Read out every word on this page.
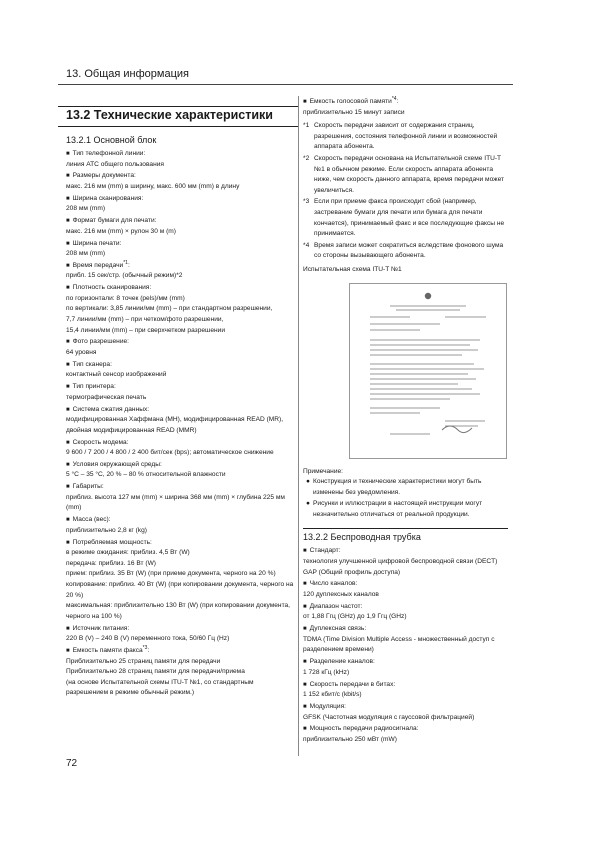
13. Общая информация
13.2 Технические характеристики
13.2.1 Основной блок
■ Тип телефонной линии:
линия АТС общего пользования
■ Размеры документа:
макс. 216 мм (mm) в ширину, макс. 600 мм (mm) в длину
■ Ширина сканирования:
208 мм (mm)
■ Формат бумаги для печати:
макс. 216 мм (mm) × рулон 30 м (m)
■ Ширина печати:
208 мм (mm)
■ Время передачи$^{*1}$:
прибл. 15 сек/стр. (обычный режим)*2
■ Плотность сканирования:
по горизонтали: 8 точек (pels)/мм (mm)
по вертикали: 3,85 линии/мм (mm) – при стандартном разрешении,
7,7 линии/мм (mm) – при четком/фото разрешении,
15,4 линии/мм (mm) – при сверхчетком разрешении
■ Фото разрешение:
64 уровня
■ Тип сканера:
контактный сенсор изображений
■ Тип принтера:
термографическая печать
■ Система сжатия данных:
модифицированная Хаффмана (MH), модифицированная READ (MR), двойная модифицированная READ (MMR)
■ Скорость модема:
9 600 / 7 200 / 4 800 / 2 400 бит/сек (bps); автоматическое снижение
■ Условия окружающей среды:
5 °C – 35 °C, 20 % – 80 % относительной влажности
■ Габариты:
приблиз. высота 127 мм (mm) × ширина 368 мм (mm) × глубина 225 мм (mm)
■ Масса (вес):
приблизительно 2,8 кг (kg)
■ Потребляемая мощность:
в режиме ожидания: приблиз. 4,5 Вт (W)
передача: приблиз. 16 Вт (W)
прием: приблиз. 35 Вт (W) (при приеме документа, черного на 20 %)
копирование: приблиз. 40 Вт (W) (при копировании документа, черного на 20 %)
максимальная: приблизительно 130 Вт (W) (при копировании документа, черного на 100 %)
■ Источник питания:
220 В (V) – 240 В (V) переменного тока, 50/60 Гц (Hz)
■ Емкость памяти факса$^{*3}$:
Приблизительно 25 страниц памяти для передачи
Приблизительно 28 страниц памяти для передачи/приема
(на основе Испытательной схемы ITU-T №1, со стандартным разрешением в режиме обычный режим.)
■ Емкость голосовой памяти$^{*4}$:
приблизительно 15 минут записи
*1 Скорость передачи зависит от содержания страниц, разрешения, состояния телефонной линии и возможностей аппарата абонента.
*2 Скорость передачи основана на Испытательной схеме ITU-T №1 в обычном режиме. Если скорость аппарата абонента ниже, чем скорость данного аппарата, время передачи может увеличиться.
*3 Если при приеме факса происходит сбой (например, застревание бумаги для печати или бумага для печати кончается), принимаемый факс и все последующие факсы не принимается.
*4 Время записи может сократиться вследствие фонового шума со стороны вызывающего абонента.
Испытательная схема ITU-T №1
Примечание:
● Конструкция и технические характеристики могут быть изменены без уведомления.
● Рисунки и иллюстрации в настоящей инструкции могут незначительно отличаться от реальной продукции.
13.2.2 Беспроводная трубка
■ Стандарт:
технология улучшенной цифровой беспроводной связи (DECT)
GAP (Общий профиль доступа)
■ Число каналов:
120 дуплексных каналов
■ Диапазон частот:
от 1,88 Ггц (GHz) до 1,9 Ггц (GHz)
■ Дуплексная связь:
TDMA (Time Division Multiple Access - множественный доступ с разделением времени)
■ Разделение каналов:
1 728 кГц (kHz)
■ Скорость передачи в битах:
1 152 кбит/с (kbit/s)
■ Модуляция:
GFSK (Частотная модуляция с гауссовой фильтрацией)
■ Мощность передачи радиосигнала:
приблизительно 250 мВт (mW)
72
